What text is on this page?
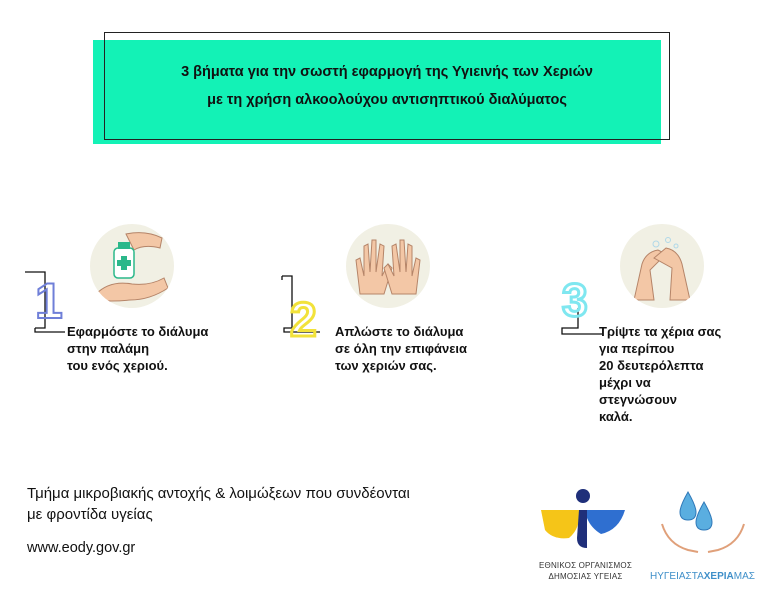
3 βήματα για την σωστή εφαρμογή της Υγιεινής των Χεριών
με τη χρήση αλκοολούχου αντισηπτικού διαλύματος
1
Εφαρμόστε το διάλυμα
στην παλάμη
του ενός χεριού.
2 Απλώστε το διάλυμα
σε όλη την επιφάνεια
των χεριών σας.
3
Τρίψτε τα χέρια σας
για περίπου
20 δευτερόλεπτα
μέχρι να
στεγνώσουν
καλά.
Τμήμα μικροβιακής αντοχής & λοιμώξεων που συνδέονται
με φροντίδα υγείας
www.eody.gov.gr
ΕΘΝΙΚΟΣ ΟΡΓΑΝΙΣΜΟΣ
ΔΗΜΟΣΙΑΣ ΥΓΕΙΑΣ	ΗΥΓΕΙΑΣΤΑΧΕΡΙΑΜΑΣ
